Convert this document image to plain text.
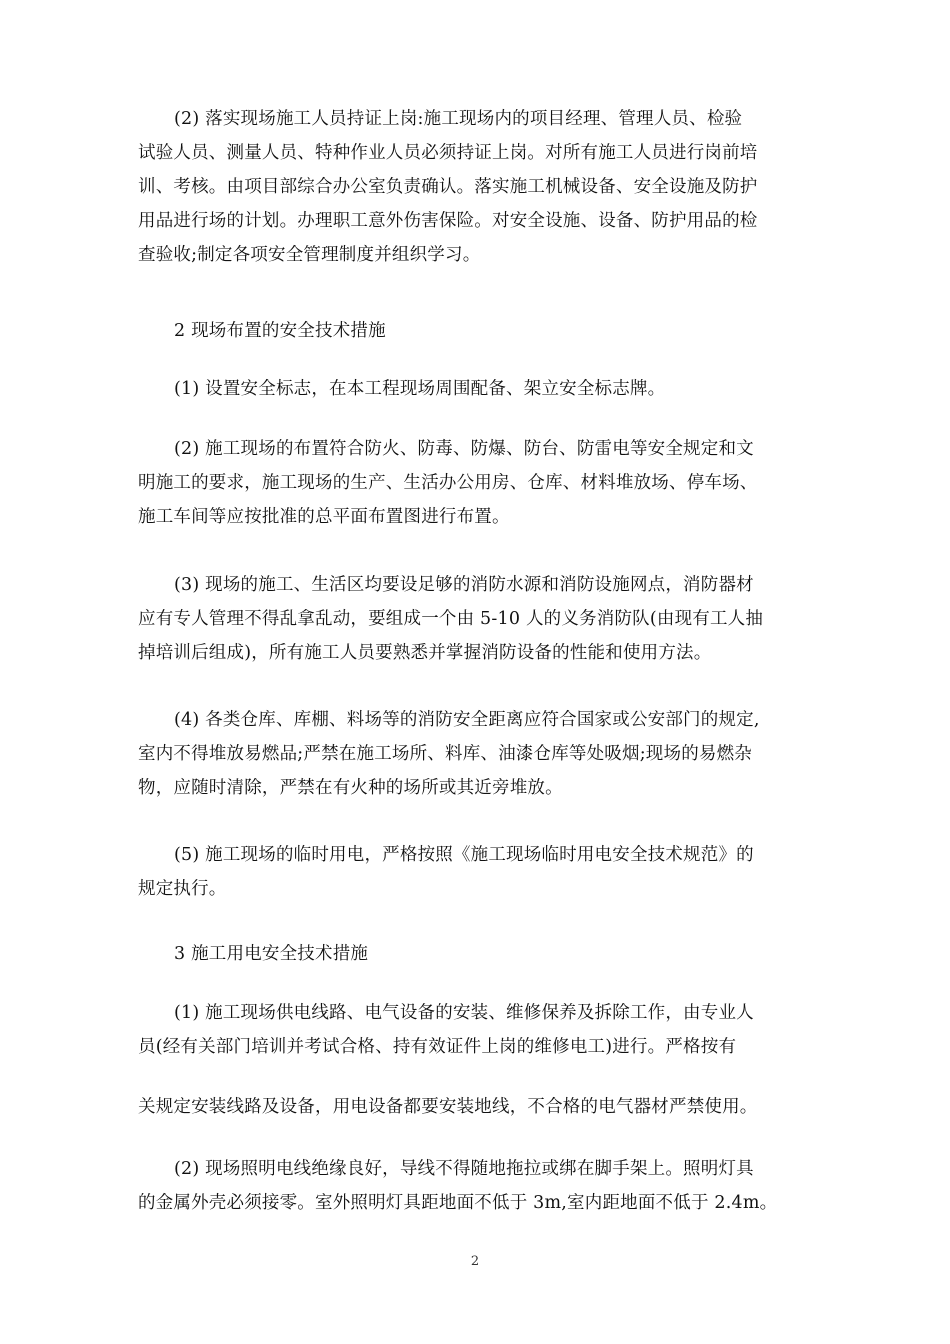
(2) 落实现场施工人员持证上岗:施工现场内的项目经理、管理人员、检验
试验人员、测量人员、特种作业人员必须持证上岗。对所有施工人员进行岗前培
训、考核。由项目部综合办公室负责确认。落实施工机械设备、安全设施及防护
用品进行场的计划。办理职工意外伤害保险。对安全设施、设备、防护用品的检
查验收;制定各项安全管理制度并组织学习。
2 现场布置的安全技术措施
(1) 设置安全标志，在本工程现场周围配备、架立安全标志牌。
(2) 施工现场的布置符合防火、防毒、防爆、防台、防雷电等安全规定和文
明施工的要求，施工现场的生产、生活办公用房、仓库、材料堆放场、停车场、
施工车间等应按批准的总平面布置图进行布置。
(3) 现场的施工、生活区均要设足够的消防水源和消防设施网点，消防器材
应有专人管理不得乱拿乱动，要组成一个由 5-10 人的义务消防队(由现有工人抽
掉培训后组成)，所有施工人员要熟悉并掌握消防设备的性能和使用方法。
(4) 各类仓库、库棚、料场等的消防安全距离应符合国家或公安部门的规定,
室内不得堆放易燃品;严禁在施工场所、料库、油漆仓库等处吸烟;现场的易燃杂
物，应随时清除，严禁在有火种的场所或其近旁堆放。
(5) 施工现场的临时用电，严格按照《施工现场临时用电安全技术规范》的
规定执行。
3 施工用电安全技术措施
(1) 施工现场供电线路、电气设备的安装、维修保养及拆除工作，由专业人
员(经有关部门培训并考试合格、持有效证件上岗的维修电工)进行。严格按有
关规定安装线路及设备，用电设备都要安装地线，不合格的电气器材严禁使用。
(2) 现场照明电线绝缘良好，导线不得随地拖拉或绑在脚手架上。照明灯具
的金属外壳必须接零。室外照明灯具距地面不低于 3m,室内距地面不低于 2.4m。
2
